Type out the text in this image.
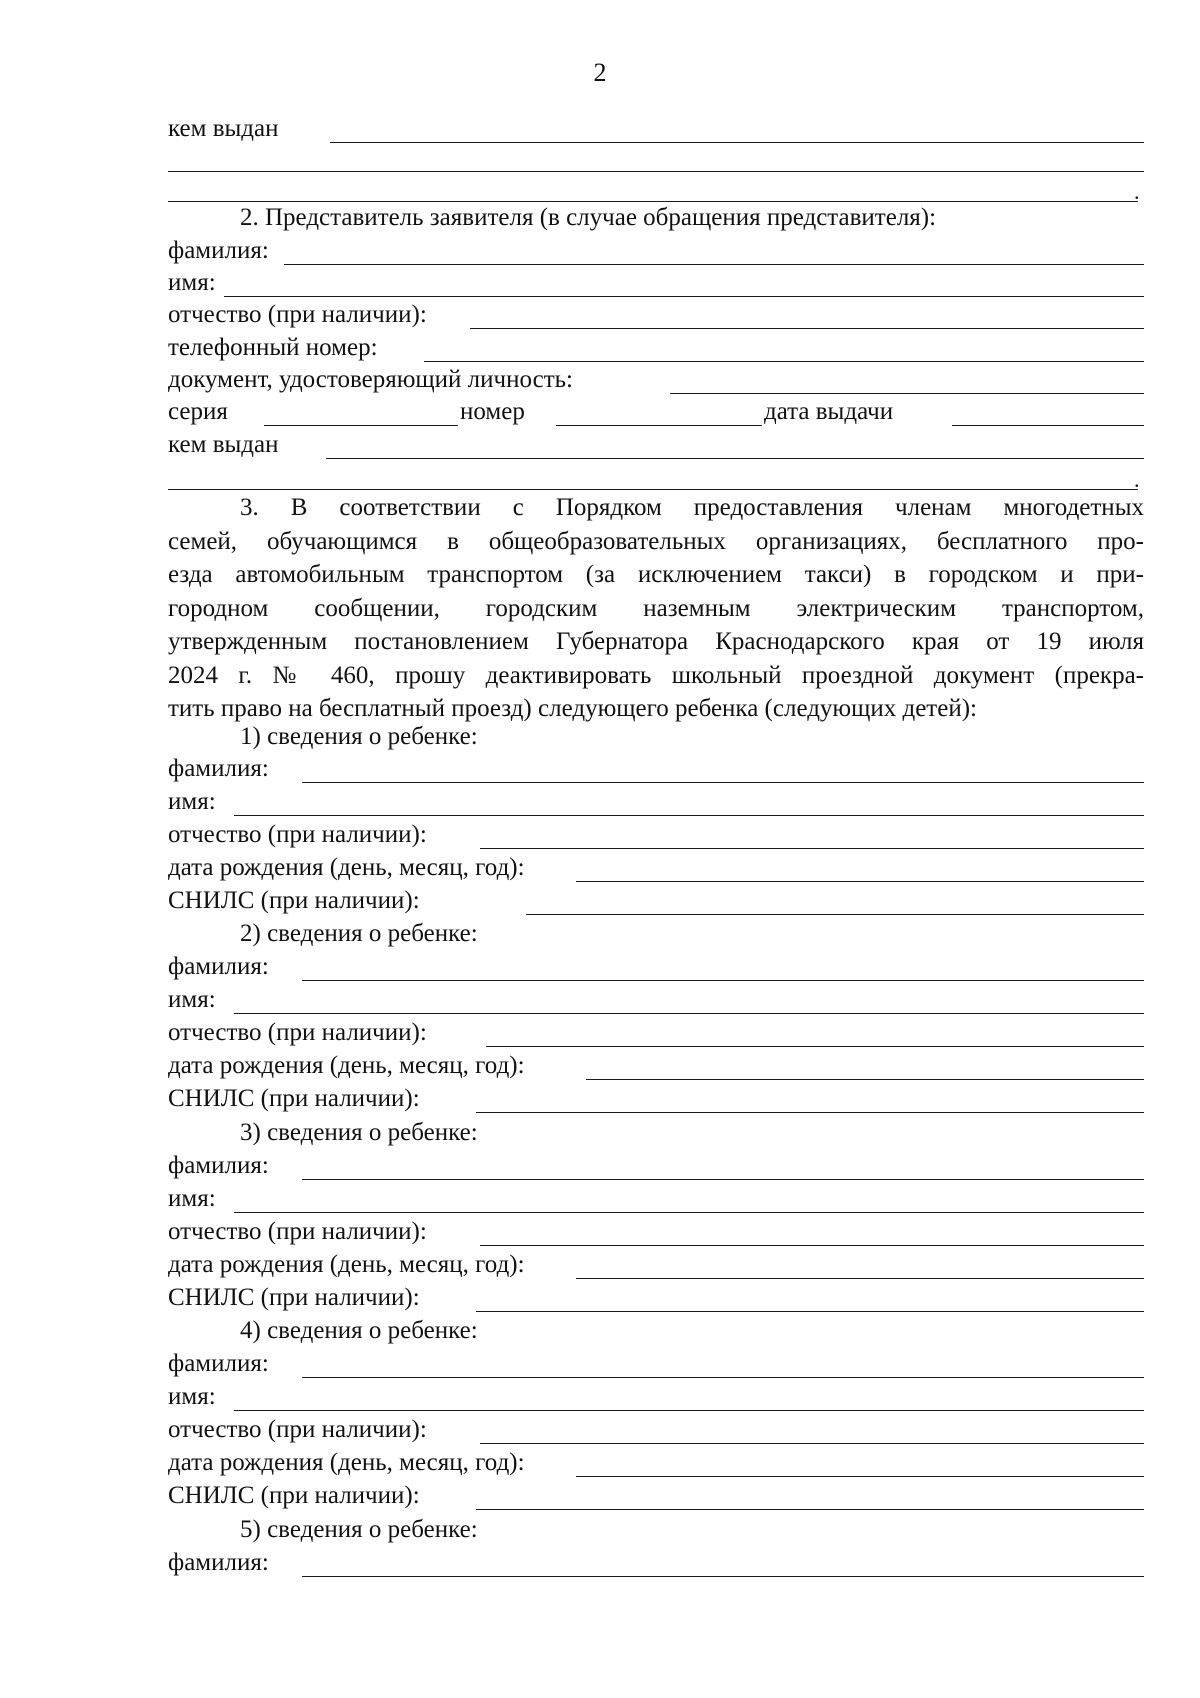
2
кем выдан
.
2. Представитель заявителя (в случае обращения представителя):
фамилия:
имя:
отчество (при наличии):
телефонный номер:
документ, удостоверяющий личность:
серия	номер	дата выдачи
кем выдан
.
3. В соответствии с Порядком предоставления членам многодетных
семей, обучающимся в общеобразовательных организациях, бесплатного про-
езда автомобильным транспортом (за исключением такси) в городском и при-
городном сообщении, городским наземным электрическим транспортом,
утвержденным постановлением Губернатора Краснодарского края от 19 июля
2024 г. № 460, прошу деактивировать школьный проездной документ (прекра-
тить право на бесплатный проезд) следующего ребенка (следующих детей):
1) сведения о ребенке:
фамилия:
имя:
отчество (при наличии):
дата рождения (день, месяц, год):
СНИЛС (при наличии):
2) сведения о ребенке:
фамилия:
имя:
отчество (при наличии):
дата рождения (день, месяц, год):
СНИЛС (при наличии):
3) сведения о ребенке:
фамилия:
имя:
отчество (при наличии):
дата рождения (день, месяц, год):
СНИЛС (при наличии):
4) сведения о ребенке:
фамилия:
имя:
отчество (при наличии):
дата рождения (день, месяц, год):
СНИЛС (при наличии):
5) сведения о ребенке:
фамилия:
